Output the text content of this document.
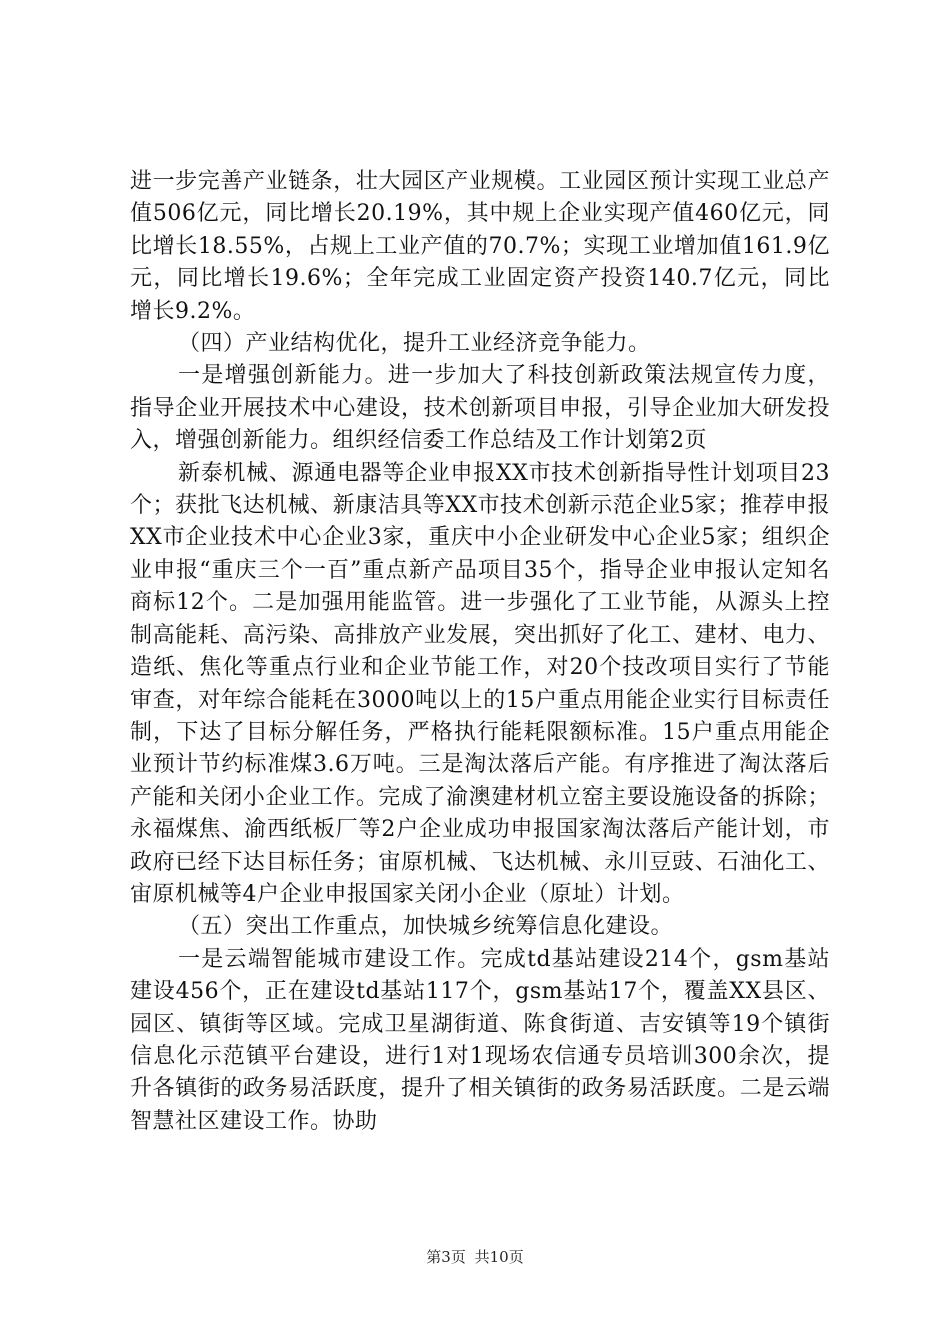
进一步完善产业链条，壮大园区产业规模。工业园区预计实现工业总产值506亿元，同比增长20.19%，其中规上企业实现产值460亿元，同比增长18.55%，占规上工业产值的70.7%；实现工业增加值161.9亿元，同比增长19.6%；全年完成工业固定资产投资140.7亿元，同比增长9.2%。

（四）产业结构优化，提升工业经济竞争能力。

一是增强创新能力。进一步加大了科技创新政策法规宣传力度，指导企业开展技术中心建设，技术创新项目申报，引导企业加大研发投入，增强创新能力。组织经信委工作总结及工作计划第2页

新泰机械、源通电器等企业申报XX市技术创新指导性计划项目23个；获批飞达机械、新康洁具等XX市技术创新示范企业5家；推荐申报XX市企业技术中心企业3家，重庆中小企业研发中心企业5家；组织企业申报“重庆三个一百”重点新产品项目35个，指导企业申报认定知名商标12个。二是加强用能监管。进一步强化了工业节能，从源头上控制高能耗、高污染、高排放产业发展，突出抓好了化工、建材、电力、造纸、焦化等重点行业和企业节能工作，对20个技改项目实行了节能审查，对年综合能耗在3000吨以上的15户重点用能企业实行目标责任制，下达了目标分解任务，严格执行能耗限额标准。15户重点用能企业预计节约标准煤3.6万吨。三是淘汰落后产能。有序推进了淘汰落后产能和关闭小企业工作。完成了渝澳建材机立窑主要设施设备的拆除；永福煤焦、渝西纸板厂等2户企业成功申报国家淘汰落后产能计划，市政府已经下达目标任务；宙原机械、飞达机械、永川豆豉、石油化工、宙原机械等4户企业申报国家关闭小企业（原址）计划。

（五）突出工作重点，加快城乡统筹信息化建设。

一是云端智能城市建设工作。完成td基站建设214个，gsm基站建设456个，正在建设td基站117个，gsm基站17个，覆盖XX县区、园区、镇街等区域。完成卫星湖街道、陈食街道、吉安镇等19个镇街信息化示范镇平台建设，进行1对1现场农信通专员培训300余次，提升各镇街的政务易活跃度，提升了相关镇街的政务易活跃度。二是云端智慧社区建设工作。协助

第3页 共10页
